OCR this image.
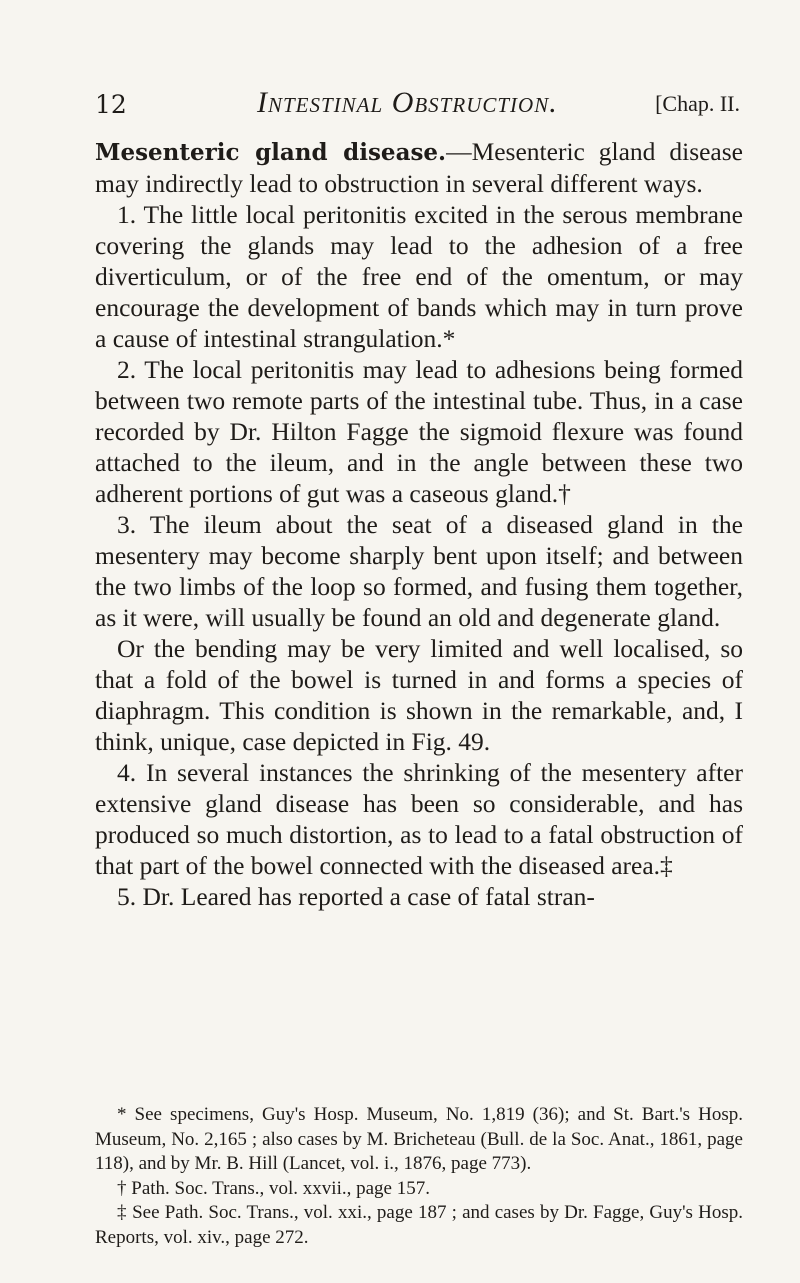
12	Intestinal Obstruction.	[Chap. II.

Mesenteric gland disease.—Mesenteric gland disease may indirectly lead to obstruction in several different ways.

1. The little local peritonitis excited in the serous membrane covering the glands may lead to the adhesion of a free diverticulum, or of the free end of the omentum, or may encourage the development of bands which may in turn prove a cause of intestinal strangulation.*

2. The local peritonitis may lead to adhesions being formed between two remote parts of the intestinal tube. Thus, in a case recorded by Dr. Hilton Fagge the sigmoid flexure was found attached to the ileum, and in the angle between these two adherent portions of gut was a caseous gland.†

3. The ileum about the seat of a diseased gland in the mesentery may become sharply bent upon itself; and between the two limbs of the loop so formed, and fusing them together, as it were, will usually be found an old and degenerate gland.

Or the bending may be very limited and well localised, so that a fold of the bowel is turned in and forms a species of diaphragm. This condition is shown in the remarkable, and, I think, unique, case depicted in Fig. 49.

4. In several instances the shrinking of the mesentery after extensive gland disease has been so considerable, and has produced so much distortion, as to lead to a fatal obstruction of that part of the bowel connected with the diseased area.‡

5. Dr. Leared has reported a case of fatal stran-

* See specimens, Guy's Hosp. Museum, No. 1,819 (36); and St. Bart.'s Hosp. Museum, No. 2,165 ; also cases by M. Bricheteau (Bull. de la Soc. Anat., 1861, page 118), and by Mr. B. Hill (Lancet, vol. i., 1876, page 773).

† Path. Soc. Trans., vol. xxvii., page 157.

‡ See Path. Soc. Trans., vol. xxi., page 187 ; and cases by Dr. Fagge, Guy's Hosp. Reports, vol. xiv., page 272.
